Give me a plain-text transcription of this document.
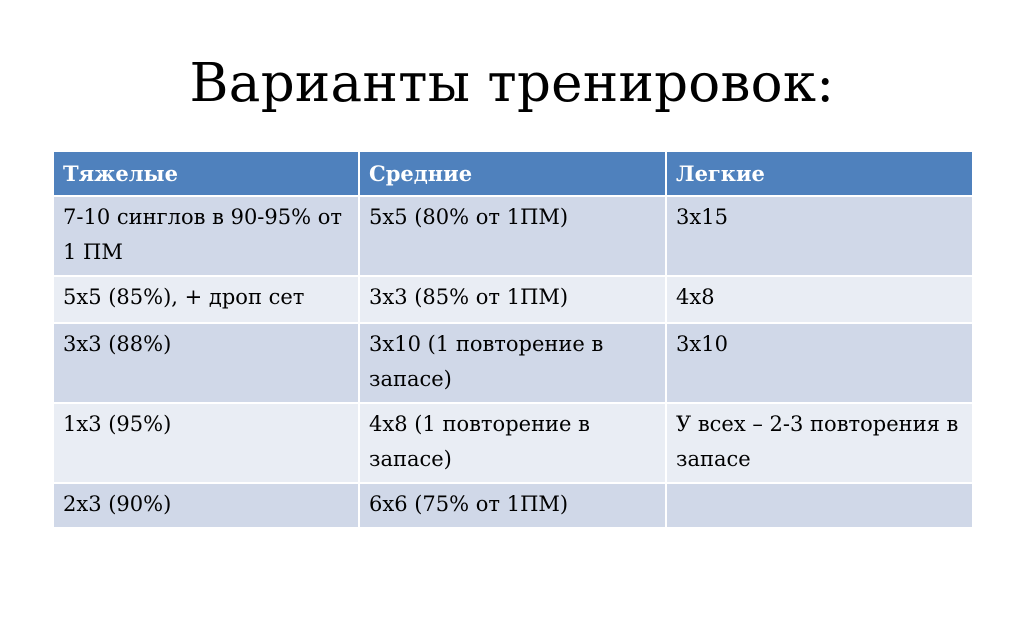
Варианты тренировок:
Тяжелые	Средние	Легкие
7-10 синглов в 90-95% от 1 ПМ	5х5 (80% от 1ПМ)	3х15
5х5 (85%), + дроп сет	3х3 (85% от 1ПМ)	4х8
3х3 (88%)	3х10 (1 повторение в запасе)	3х10
1х3 (95%)	4х8 (1 повторение в запасе)	У всех – 2-3 повторения в запасе
2х3 (90%)	6х6 (75% от 1ПМ)	
